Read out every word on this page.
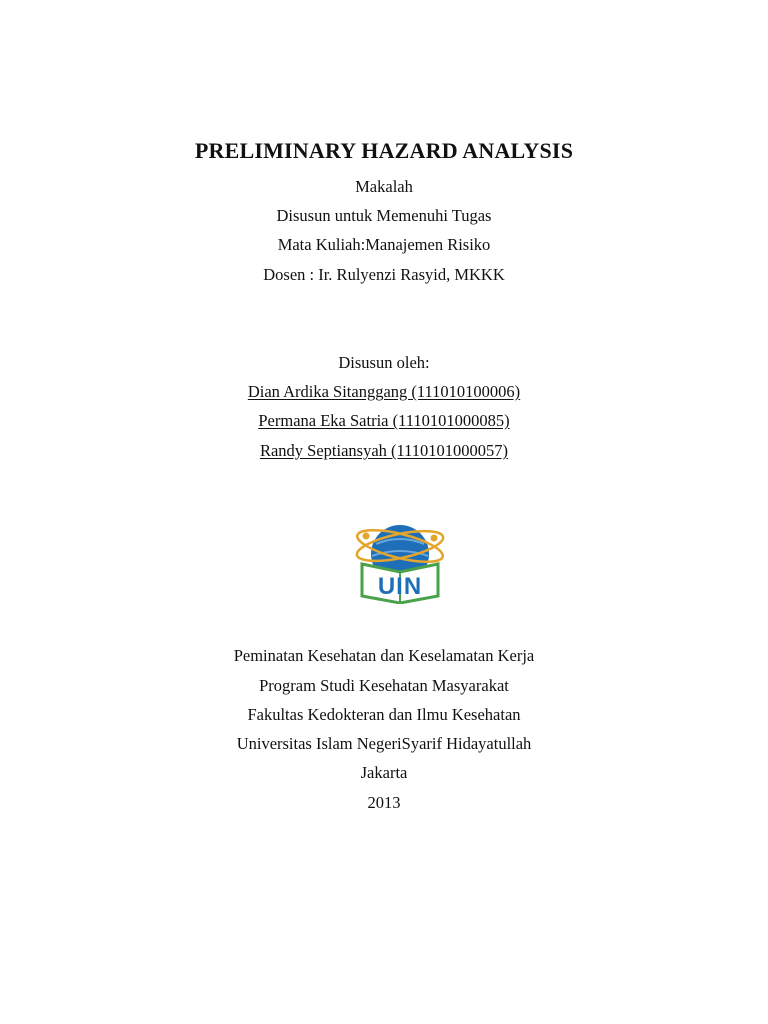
PRELIMINARY HAZARD ANALYSIS
Makalah
Disusun untuk Memenuhi Tugas
Mata Kuliah:Manajemen Risiko
Dosen : Ir. Rulyenzi Rasyid, MKKK
Disusun oleh:
Dian Ardika Sitanggang (111010100006)
Permana Eka Satria (1110101000085)
Randy Septiansyah (1110101000057)
UIN
Peminatan Kesehatan dan Keselamatan Kerja
Program Studi Kesehatan Masyarakat
Fakultas Kedokteran dan Ilmu Kesehatan
Universitas Islam NegeriSyarif Hidayatullah
Jakarta
2013
